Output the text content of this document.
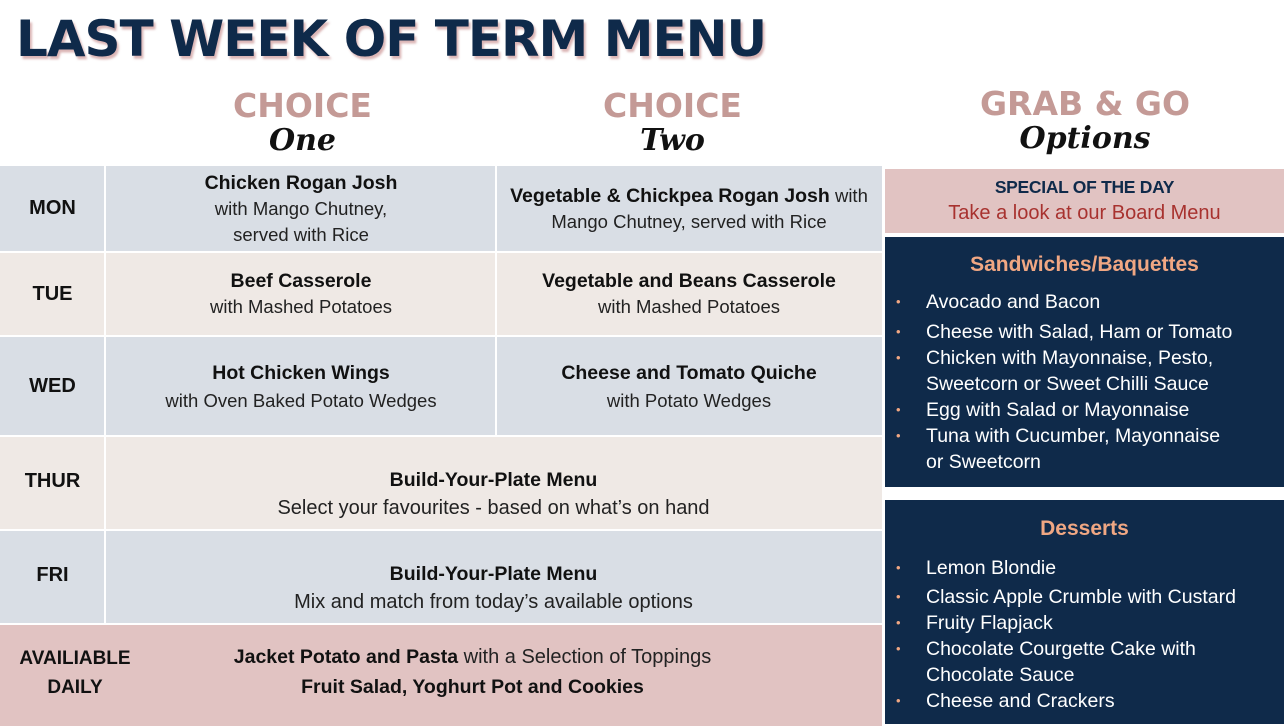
LAST WEEK OF TERM MENU
CHOICE
One
CHOICE
Two
GRAB & GO
Options
MON
Chicken Rogan Josh
with Mango Chutney,
served with Rice
Vegetable & Chickpea Rogan Josh with
Mango Chutney, served with Rice
TUE
Beef Casserole
with Mashed Potatoes
Vegetable and Beans Casserole
with Mashed Potatoes
WED
Hot Chicken Wings
with Oven Baked Potato Wedges
Cheese and Tomato Quiche
with Potato Wedges
THUR	Build-Your-Plate Menu
Select your favourites - based on what’s on hand
FRI	Build-Your-Plate Menu
Mix and match from today’s available options
AVAILIABLE
DAILY
Jacket Potato and Pasta with a Selection of Toppings
Fruit Salad, Yoghurt Pot and Cookies
SPECIAL OF THE DAY
Take a look at our Board Menu
Sandwiches/Baquettes
• Avocado and Bacon
• Cheese with Salad, Ham or Tomato
• Chicken with Mayonnaise, Pesto,
Sweetcorn or Sweet Chilli Sauce
• Egg with Salad or Mayonnaise
• Tuna with Cucumber, Mayonnaise
or Sweetcorn
Desserts
• Lemon Blondie
• Classic Apple Crumble with Custard
• Fruity Flapjack
• Chocolate Courgette Cake with
Chocolate Sauce
• Cheese and Crackers
